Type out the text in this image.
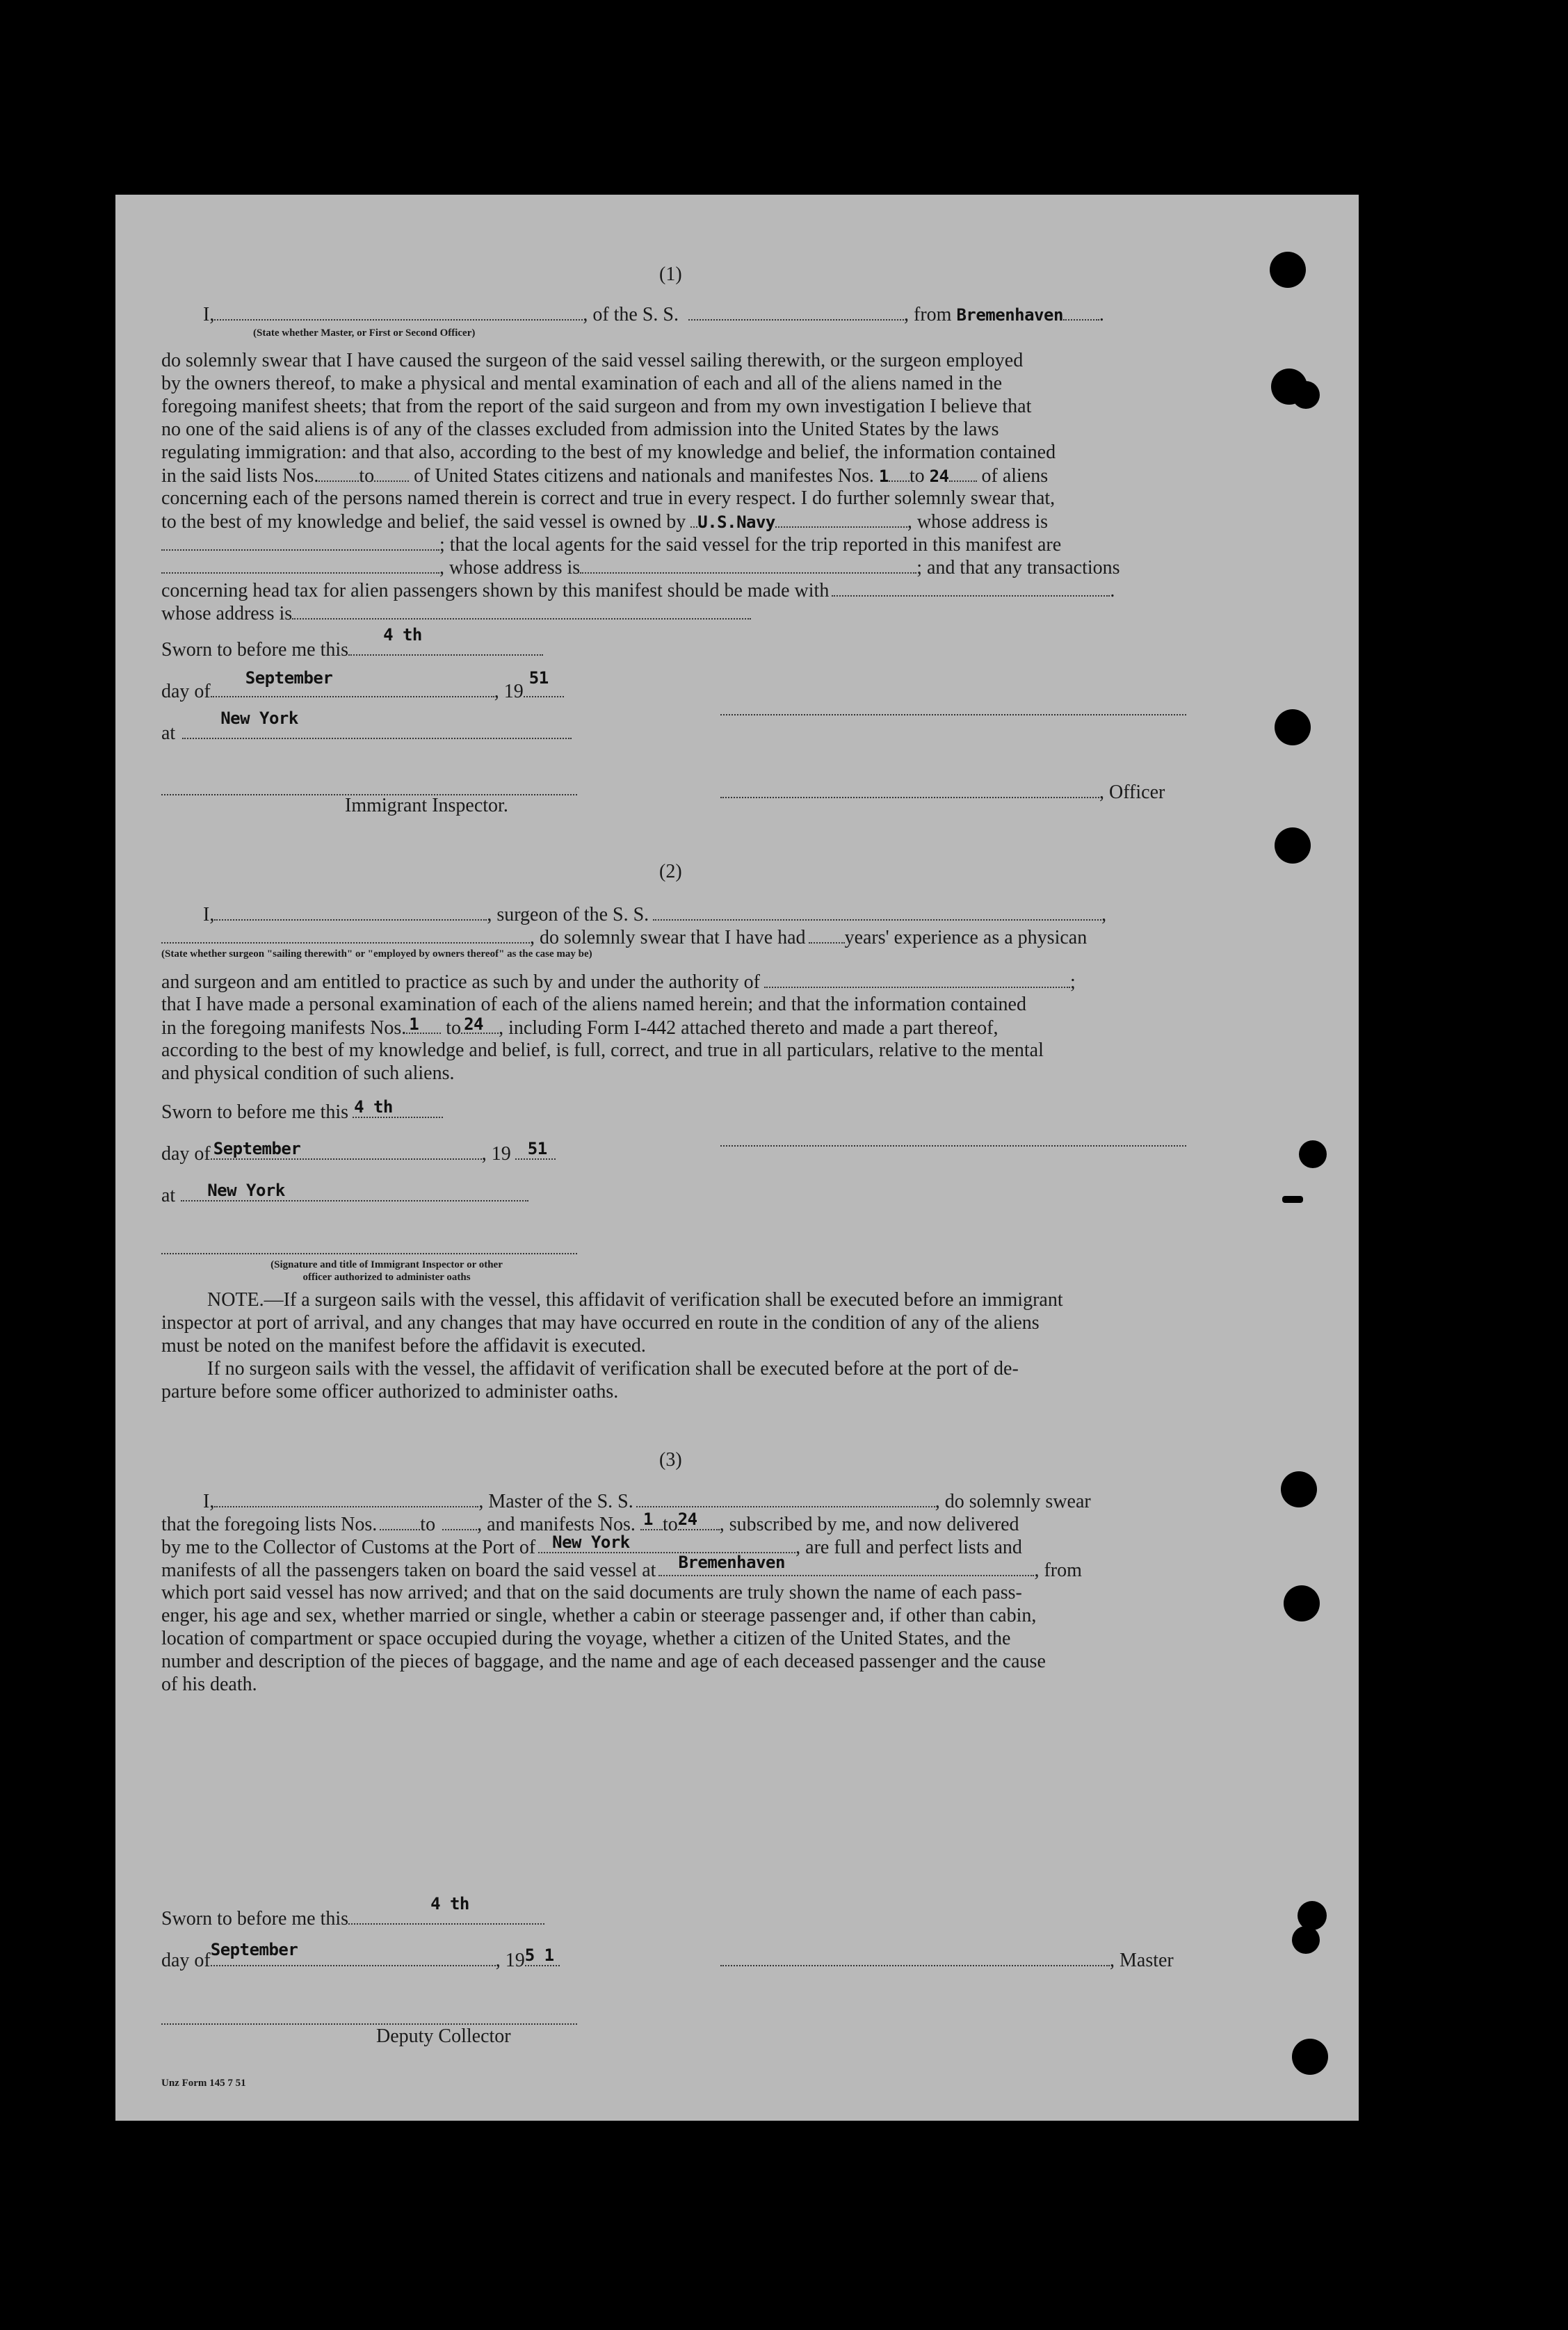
(1)
I,	, of the S. S.	, from Bremenhaven .
(State whether Master, or First or Second Officer)
do solemnly swear that I have caused the surgeon of the said vessel sailing therewith, or the surgeon employed
by the owners thereof, to make a physical and mental examination of each and all of the aliens named in the
foregoing manifest sheets; that from the report of the said surgeon and from my own investigation I believe that
no one of the said aliens is of any of the classes excluded from admission into the United States by the laws
regulating immigration: and that also, according to the best of my knowledge and belief, the information contained
in the said lists Nos. to of United States citizens and nationals and manifestes Nos. 1 to 24 of aliens
concerning each of the persons named therein is correct and true in every respect. I do further solemnly swear that,
to the best of my knowledge and belief, the said vessel is owned by U.S.Navy	, whose address is
; that the local agents for the said vessel for the trip reported in this manifest are
, whose address is	; and that any transactions
concerning head tax for alien passengers shown by this manifest should be made with	.
whose address is
Sworn to before me this
4 th
day of
September
, 19
51
at
New York
, Officer
Immigrant Inspector.
(2)
I,	, surgeon of the S. S.	,
, do solemnly swear that I have had years' experience as a physican
(State whether surgeon "sailing therewith" or "employed by owners thereof" as the case may be)
and surgeon and am entitled to practice as such by and under the authority of	;
that I have made a personal examination of each of the aliens named herein; and that the information contained
in the foregoing manifests Nos. 1 to 24 , including Form I-442 attached thereto and made a part thereof,
according to the best of my knowledge and belief, is full, correct, and true in all particulars, relative to the mental
and physical condition of such aliens.
Sworn to before me this 4 th
day of September	, 19 51
at New York
(Signature and title of Immigrant Inspector or other
officer authorized to administer oaths
NOTE.—If a surgeon sails with the vessel, this affidavit of verification shall be executed before an immigrant
inspector at port of arrival, and any changes that may have occurred en route in the condition of any of the aliens
must be noted on the manifest before the affidavit is executed.
If no surgeon sails with the vessel, the affidavit of verification shall be executed before at the port of de-
parture before some officer authorized to administer oaths.
(3)
I,	, Master of the S. S.	, do solemnly swear
that the foregoing lists Nos. to , and manifests Nos. 1 to 24 , subscribed by me, and now delivered
by me to the Collector of Customs at the Port of New York	, are full and perfect lists and
manifests of all the passengers taken on board the said vessel at Bremenhaven	, from
which port said vessel has now arrived; and that on the said documents are truly shown the name of each pass-
enger, his age and sex, whether married or single, whether a cabin or steerage passenger and, if other than cabin,
location of compartment or space occupied during the voyage, whether a citizen of the United States, and the
number and description of the pieces of baggage, and the name and age of each deceased passenger and the cause
of his death.
Sworn to before me this
4 th
day of September	, 19 5 1	, Master
Deputy Collector
Unz Form 145 7 51
